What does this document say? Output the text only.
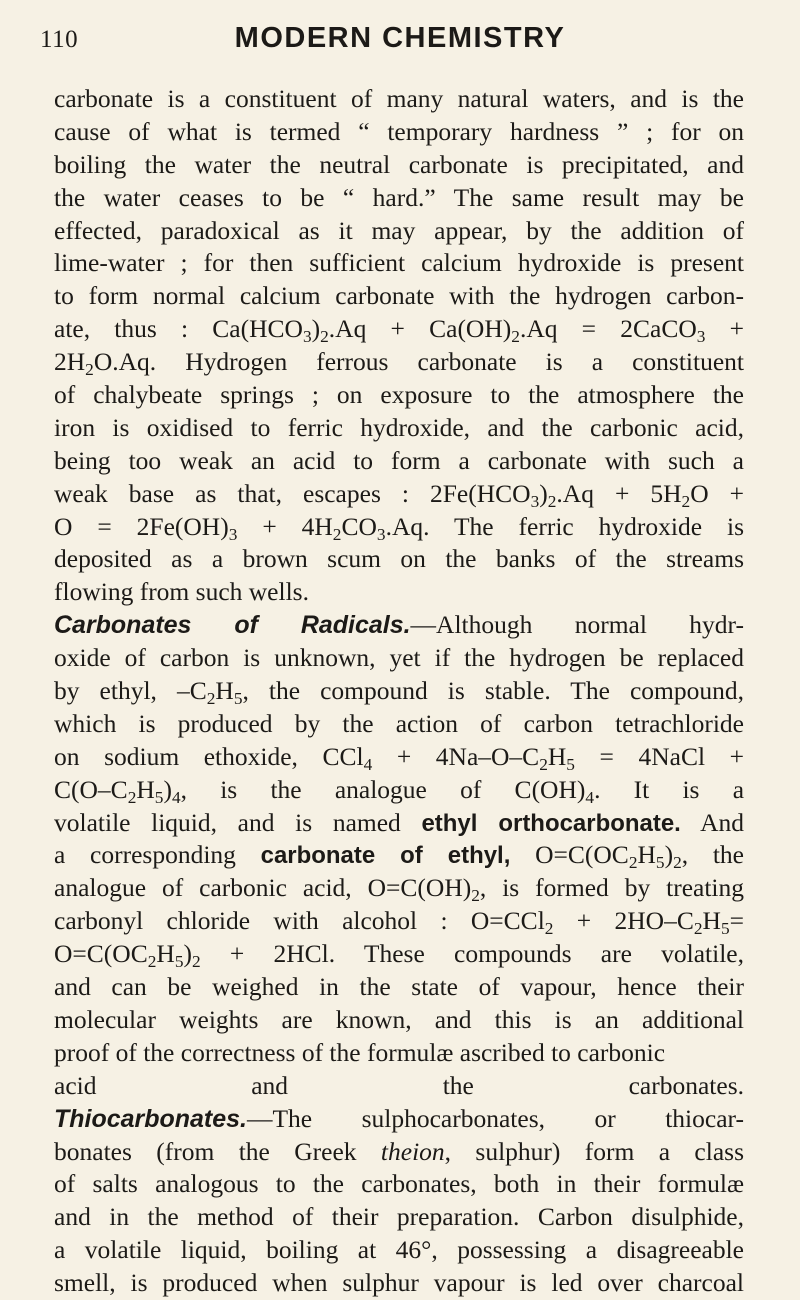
110	MODERN CHEMISTRY
carbonate is a constituent of many natural waters, and is the
cause of what is termed “ temporary hardness ” ; for on
boiling the water the neutral carbonate is precipitated, and
the water ceases to be “ hard.” The same result may be
effected, paradoxical as it may appear, by the addition of
lime-water ; for then sufficient calcium hydroxide is present
to form normal calcium carbonate with the hydrogen carbon-
ate, thus : $Ca(HCO_3)_2.Aq + Ca(OH)_2.Aq$ = 2CaCO$_3$ +
$2H_2O.Aq$. Hydrogen ferrous carbonate is a constituent
of chalybeate springs ; on exposure to the atmosphere the
iron is oxidised to ferric hydroxide, and the carbonic acid,
being too weak an acid to form a carbonate with such a
weak base as that, escapes : $2Fe(HCO_3)_2.Aq + 5H_2O$ +
$O = 2Fe(OH)_3 + 4H_2CO_3.Aq$. The ferric hydroxide is
deposited as a brown scum on the banks of the streams
flowing from such wells.
Carbonates of Radicals.—Although normal hydr-
oxide of carbon is unknown, yet if the hydrogen be replaced
by ethyl, $-C_2H_5$, the compound is stable. The compound,
which is produced by the action of carbon tetrachloride
on sodium ethoxide, $CCl_4 + 4Na-O-C_2H_5$ = 4NaCl +
$C(O-C_2H_5)_4$, is the analogue of $C(OH)_4$. It is a
volatile liquid, and is named ethyl orthocarbonate. And
a corresponding carbonate of ethyl, $O=C(OC_2H_5)_2$, the
analogue of carbonic acid, $O=C(OH)_2$, is formed by treating
carbonyl chloride with alcohol : $O=CCl_2 + 2HO-C_2H_5=$
$O=C(OC_2H_5)_2 + 2HCl$. These compounds are volatile,
and can be weighed in the state of vapour, hence their
molecular weights are known, and this is an additional
proof of the correctness of the formulæ ascribed to carbonic
acid and the carbonates.
Thiocarbonates.—The sulphocarbonates, or thiocar-
bonates (from the Greek theion, sulphur) form a class
of salts analogous to the carbonates, both in their formulæ
and in the method of their preparation. Carbon disulphide,
a volatile liquid, boiling at 46°, possessing a disagreeable
smell, is produced when sulphur vapour is led over charcoal
